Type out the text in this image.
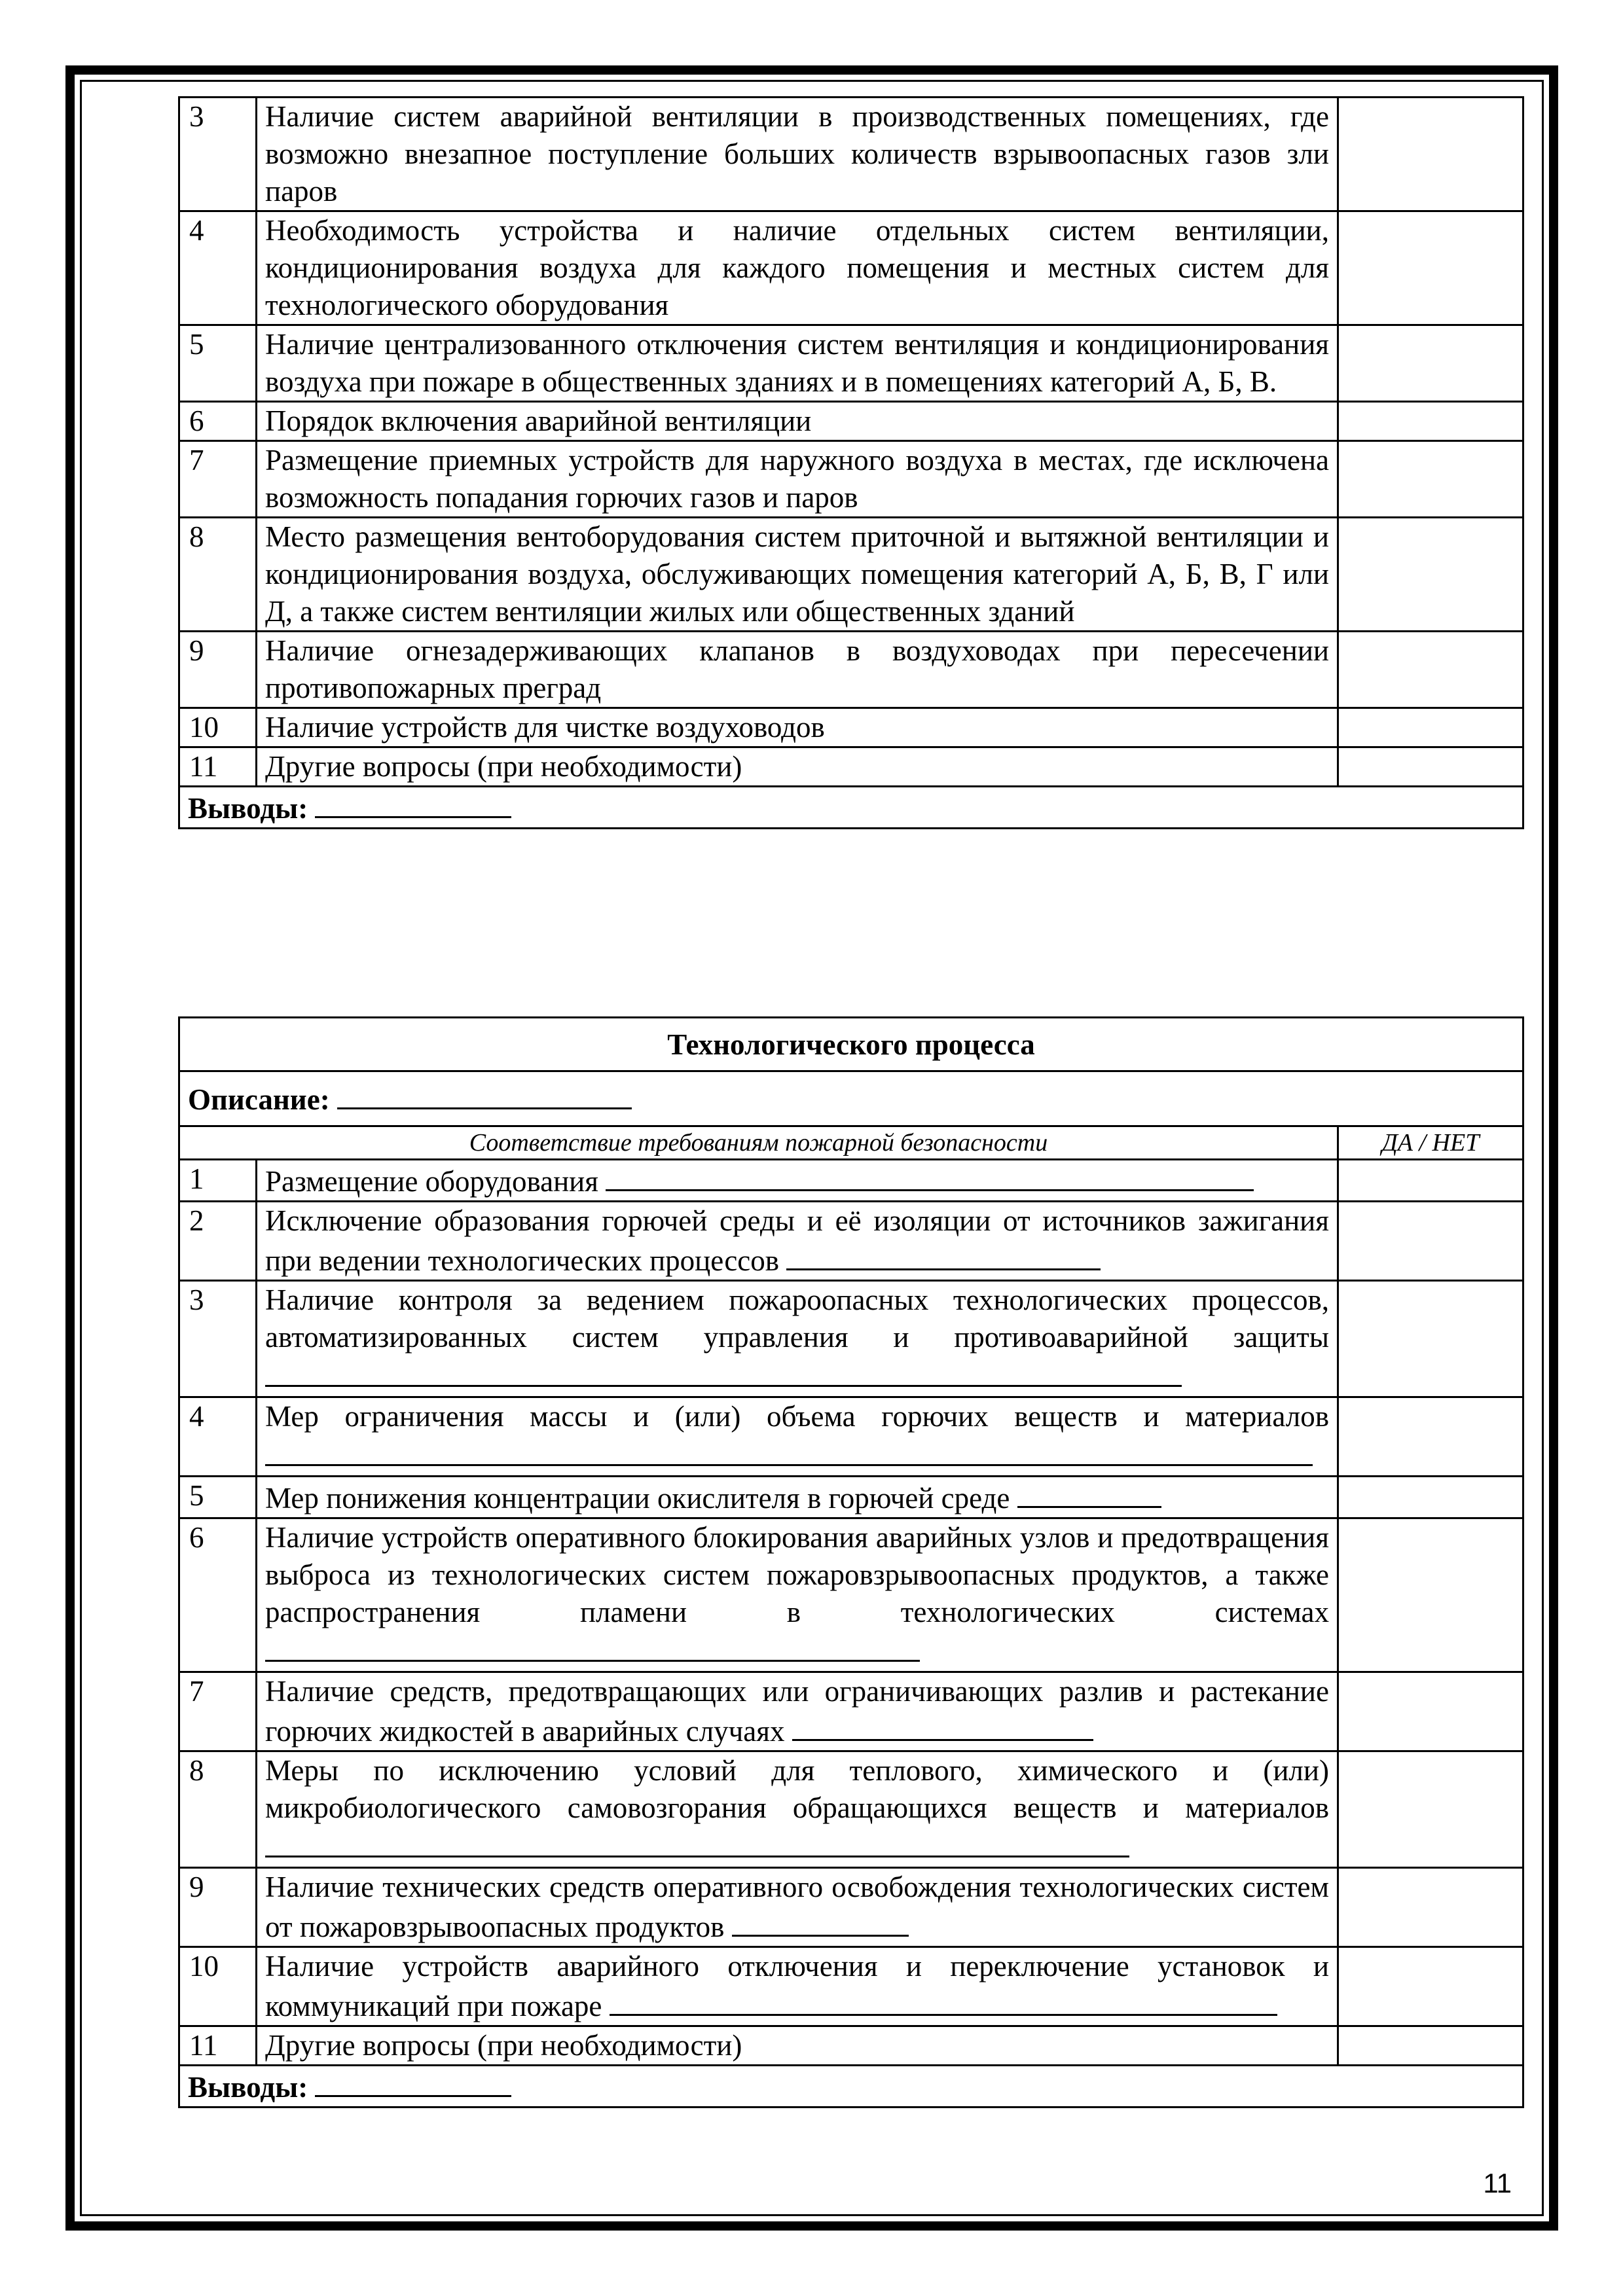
3	Наличие систем аварийной вентиляции в производственных помещениях, где возможно внезапное поступление больших количеств взрывоопасных газов зли паров	
4	Необходимость устройства и наличие отдельных систем вентиляции, кондиционирования воздуха для каждого помещения и местных систем для технологического оборудования	
5	Наличие централизованного отключения систем вентиляция и кондиционирования воздуха при пожаре в общественных зданиях и в помещениях категорий А, Б, В.	
6	Порядок включения аварийной вентиляции	
7	Размещение приемных устройств для наружного воздуха в местах, где исключена возможность попадания горючих газов и паров	
8	Место размещения вентоборудования систем приточной и вытяжной вентиляции и кондиционирования воздуха, обслуживающих помещения категорий А, Б, В, Г или Д, а также систем вентиляции жилых или общественных зданий	
9	Наличие огнезадерживающих клапанов в воздуховодах при пересечении противопожарных преград	
10	Наличие устройств для чистке воздуховодов	
11	Другие вопросы (при необходимости)	
Выводы:		
Технологического процесса		
Описание:		
Соответствие требованиям пожарной безопасности		ДА / НЕТ
1	Размещение оборудования	
2	Исключение образования горючей среды и её изоляции от источников зажигания при ведении технологических процессов	
3	Наличие контроля за ведением пожароопасных технологических процессов, автоматизированных систем управления и противоаварийной защиты	
4	Мер ограничения массы и (или) объема горючих веществ и материалов	
5	Мер понижения концентрации окислителя в горючей среде	
6	Наличие устройств оперативного блокирования аварийных узлов и предотвращения выброса из технологических систем пожаровзрывоопасных продуктов, а также распространения пламени в технологических системах	
7	Наличие средств, предотвращающих или ограничивающих разлив и растекание горючих жидкостей в аварийных случаях	
8	Меры по исключению условий для теплового, химического и (или) микробиологического самовозгорания обращающихся веществ и материалов	
9	Наличие технических средств оперативного освобождения технологических систем от пожаровзрывоопасных продуктов	
10	Наличие устройств аварийного отключения и переключение установок и коммуникаций при пожаре	
11	Другие вопросы (при необходимости)	
Выводы:		
11
